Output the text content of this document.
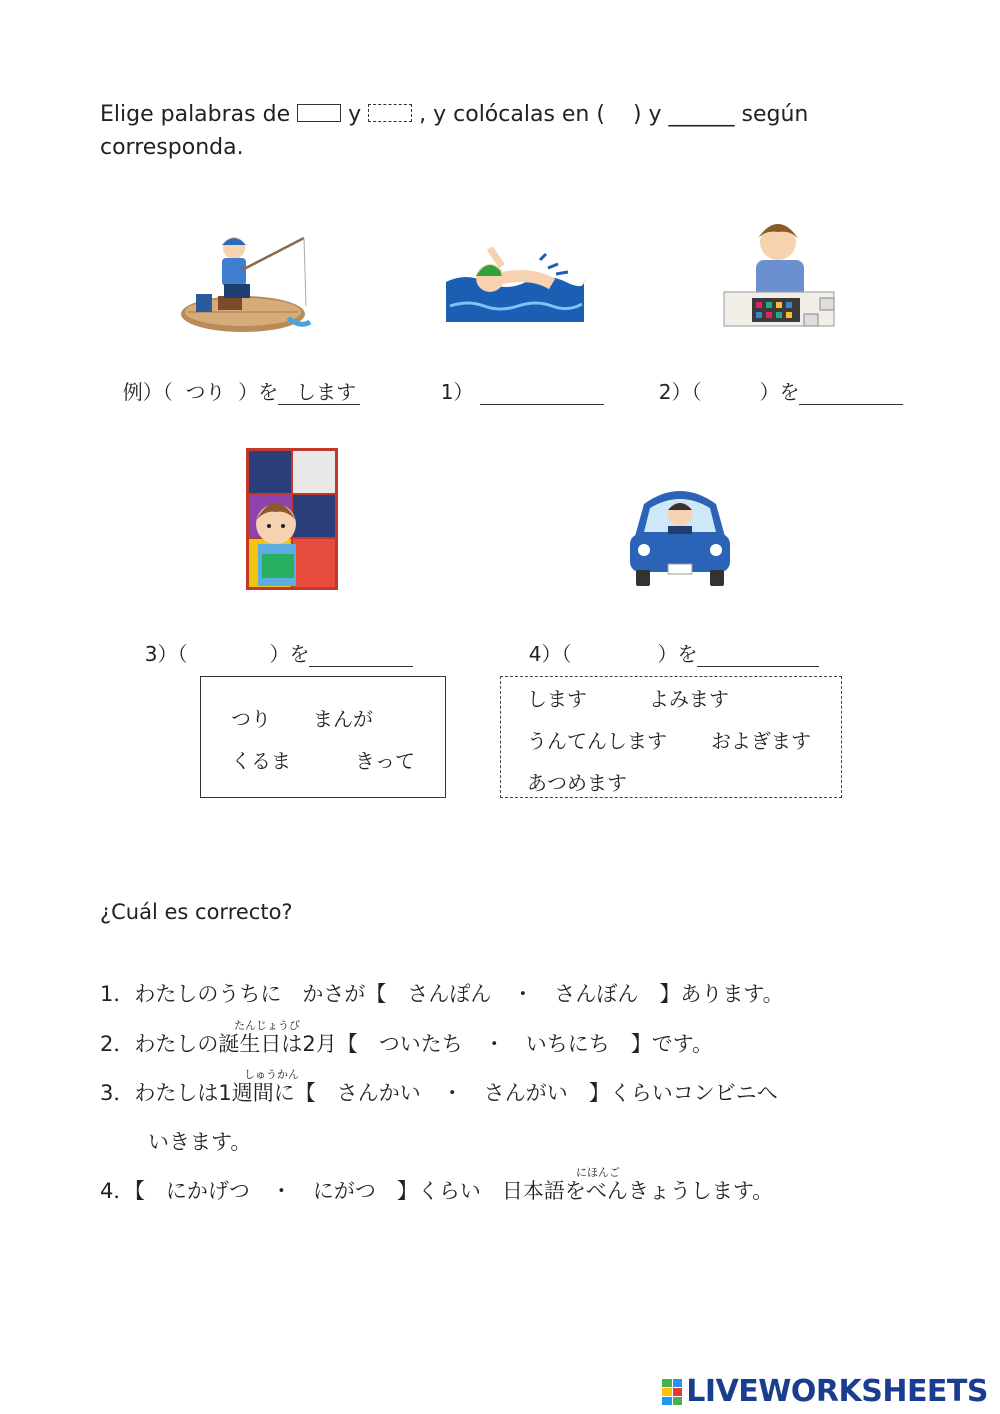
Elige palabras de	y	, y colócalas en ( ) y ______ según
corresponda.

例）（ つり ）を します	1）	2）（	）を

3）（	）を	4）（	）を

つり まんが
くるま	きって
します	よみます
うんてんします およぎます
あつめます
¿Cuál es correcto?
1．わたしのうちに　かさが【　さんぽん　・　さんぼん　】あります。
たんじょうび
2．わたしの誕生日は2月【　ついたち　・　いちにち　】です。
しゅうかん
3．わたしは1週間に【　さんかい　・　さんがい　】くらいコンビニへ
いきます。
にほんご
4．【　にかげつ　・　にがつ　】くらい　日本語をべんきょうします。
LIVEWORKSHEETS
